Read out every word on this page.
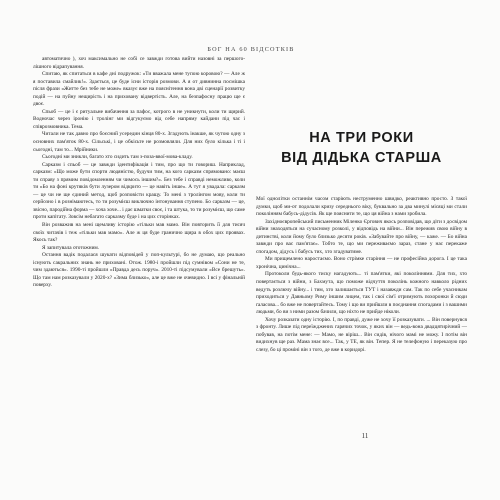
БОГ НА 60 ВІДСОТКІВ

автоматично ), хоч максимально не собі се завжди готова вийти назовні за першого-лішного відрапування.

Спитаю, як спитаться в кафе дні подружок: «Ти вважала мене тупою коровою? — Але ж я поставила смайлик!». Здається, це буде існи історія розмови. А я от дивнинна посмішка після фрази «Житте без тебе не може» вказує вже на пояснітення вона двi сценарії розвитку подій — на пуйну нещирість і на приховану відвертість. Але, на безпафосну працю ще є двоє.

Спьоб — це і є ритуальне вибачення за пафос, котрого в не уникнути, коли ти щирий. Водночас через іронію і тролінг ми відгукуємо від себе напряму кайдани під час і співрозмовника. Тема.

Читали не так давно про боєсний усередин кінця 80-х. Згадують інакше, як чутою одну з основних пам'яток 80-х. Сільські, і це обкісьте не розмовляли. Для них було кілька і ті і сьогодні, там то... Мрійники.

Сьогодні ми зникли, багато хто сидить там з-поза-ввої-мова-кладу.

Сарказм і спьоб — це завжди ідентифікація і тим, про що ти говориш. Наприклад, сарказм: «Що може бути спорти людяністю, будучи тим, на кого сарказм спрямовано: маєш ти справу з прямим повідомленням чи чимось іншим?». Без тебе і справді неможливо, коли ти «Бо на фоні крутяків бути лузером відкрито — це навіть інше». А тут я увадала: сарказм — це чи не ще єдиний метод, щоб розповісти кращу. То мені з тролінгом мову, коли ти серйозно і в рознімаютесь, то ти розумієш виключно інтонування ступено. Бо сарказм — це, звісно, пародійна форма — хоча хоче... і дає шматки своє, і та штука, то ти розумієш, що саме проти капітату. Зовсім небагато сарказму буде і на цих сторінках.

Він розважив на мені щемливу історію «тільки мав мамо. Він повторить її для тисяч своїх читачів і теж «тільки мав мамо». Але ж ця буде гранично щира в обох цих проявах. Якось так?

Я запитувала ототожним.

Остання вадік подалася шукати відповідей у поп-культурі, бо не думаю, що реально існують сакральних знань не приховані. Отож. 1980-і пройшли під сумнівом «Сони не те, чим здаються». 1990-ті пройшли «Правда десь поруч». 2010-ті підсумували «Все брешуть». Що там нам розказували у 2020-х? «Зима близько», але це вже не очевидно. І всі у фінальній поверху.

НА ТРИ РОКИ
ВІД ДІДЬКА СТАРША

Мої однолітки останнім часом старіють неструменно швидко, реактивно просто. З такої думки, щоб ми-от подолали кризу середнього віку, буквально за два минулі місяці ми стали поколінням бабусь-дідусів. Як ще пояснити те, що ця війна з нами зробила.

Західноєвропейський письменник Міленко Єргович якось розповідав, що діти з досвідом війни знаходяться на сучасному розколі, у відповідь на війни... Він пережив свою війну в дитинстві, коли йому було близько десяти років. «Забувайте про війну, — каже. — Бо війна завжди про вас пам'ятає». Тобто те, що ми переживаємо зараз, стане у нас перекаже спогадом, дідусь і бабусь тих, хто згадуватиме.

Ми прищемлено наростаємо. Воно стрімке старіння — не професійна дорога. І це така хронічна, цинічна...

Протоколи будь-якого тиску нагадують... ті пам'ятки, які поколіннями. Для тих, хто повертається з війни, з Бахмута, що поможе відчуття поколінь кожного навколо рідних ведуть розлючу війну... і тим, хто залишається ТУТ і назавжди сам. Так по себе учасникам приходиться у Давньому Риму іншим лицем, так і свої сім'ї отримують похоронки й сюди ґаласова... бо вже не повертайтесь. Тому і що ви прийшли в поєднання спогадами і з вашими людьми, бо ви з ними разом бачили, що ніхто не прийде ніколи.

Хочу розказати одну історію. І, по правді, дуже не хочу її розказувати. ... Він повернувся з фронту. Лише під переїжджених гарячих точок, у яких він — ведь-вона двадцятирічний — побував, на потім мене: — Мамо, не віріш... Він сидів, нічого мамі не можу. І потім він видихнув ще раз. Мама знає все... Так, у ТЕ, як він. Тепер. Я не телефоную і переказую про слезу, бо ці проміні він з того, де вже в коридорі.

11
